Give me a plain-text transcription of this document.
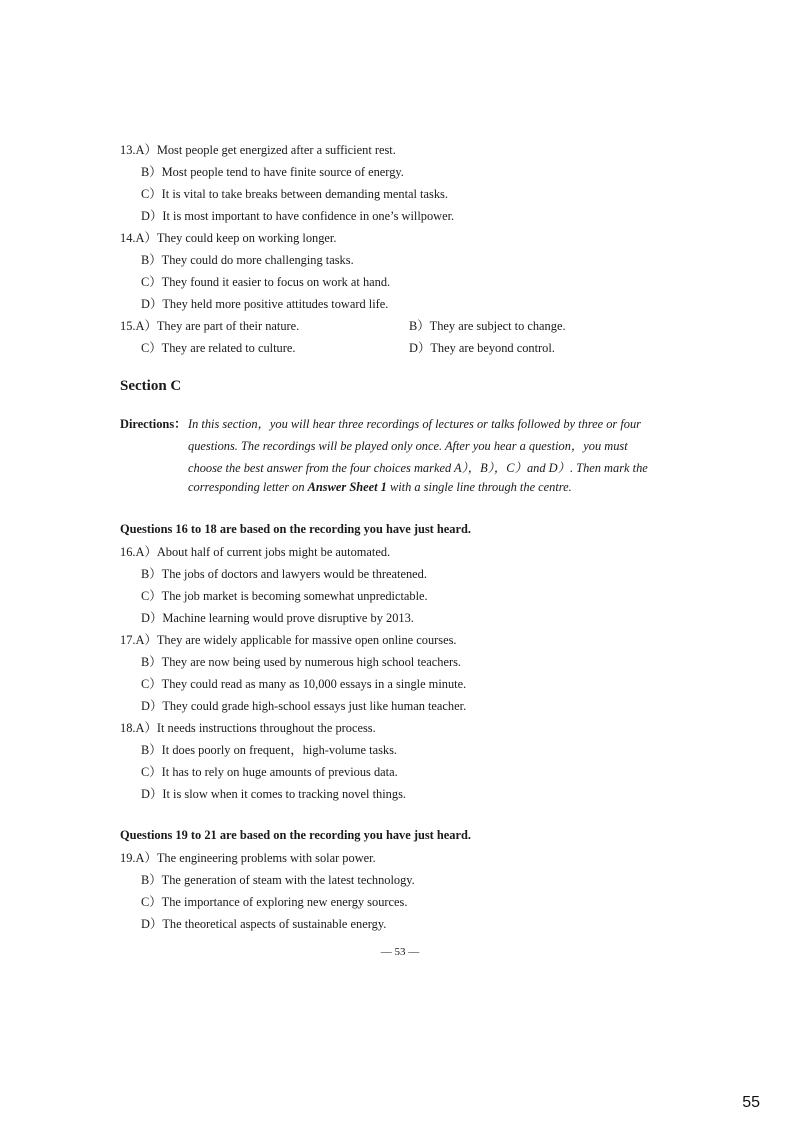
13.A）Most people get energized after a sufficient rest.
B）Most people tend to have finite source of energy.
C）It is vital to take breaks between demanding mental tasks.
D）It is most important to have confidence in one’s willpower.
14.A）They could keep on working longer.
B）They could do more challenging tasks.
C）They found it easier to focus on work at hand.
D）They held more positive attitudes toward life.
15.A）They are part of their nature.	B）They are subject to change.
C）They are related to culture.	D）They are beyond control.
Section C
Directions： In this section，you will hear three recordings of lectures or talks followed by three or four
questions. The recordings will be played only once. After you hear a question，you must
choose the best answer from the four choices marked A），B），C）and D）. Then mark the
corresponding letter on Answer Sheet 1 with a single line through the centre.
Questions 16 to 18 are based on the recording you have just heard.
16.A）About half of current jobs might be automated.
B）The jobs of doctors and lawyers would be threatened.
C）The job market is becoming somewhat unpredictable.
D）Machine learning would prove disruptive by 2013.
17.A）They are widely applicable for massive open online courses.
B）They are now being used by numerous high school teachers.
C）They could read as many as 10,000 essays in a single minute.
D）They could grade high-school essays just like human teacher.
18.A）It needs instructions throughout the process.
B）It does poorly on frequent，high-volume tasks.
C）It has to rely on huge amounts of previous data.
D）It is slow when it comes to tracking novel things.
Questions 19 to 21 are based on the recording you have just heard.
19.A）The engineering problems with solar power.
B）The generation of steam with the latest technology.
C）The importance of exploring new energy sources.
D）The theoretical aspects of sustainable energy.
— 53 —
55
